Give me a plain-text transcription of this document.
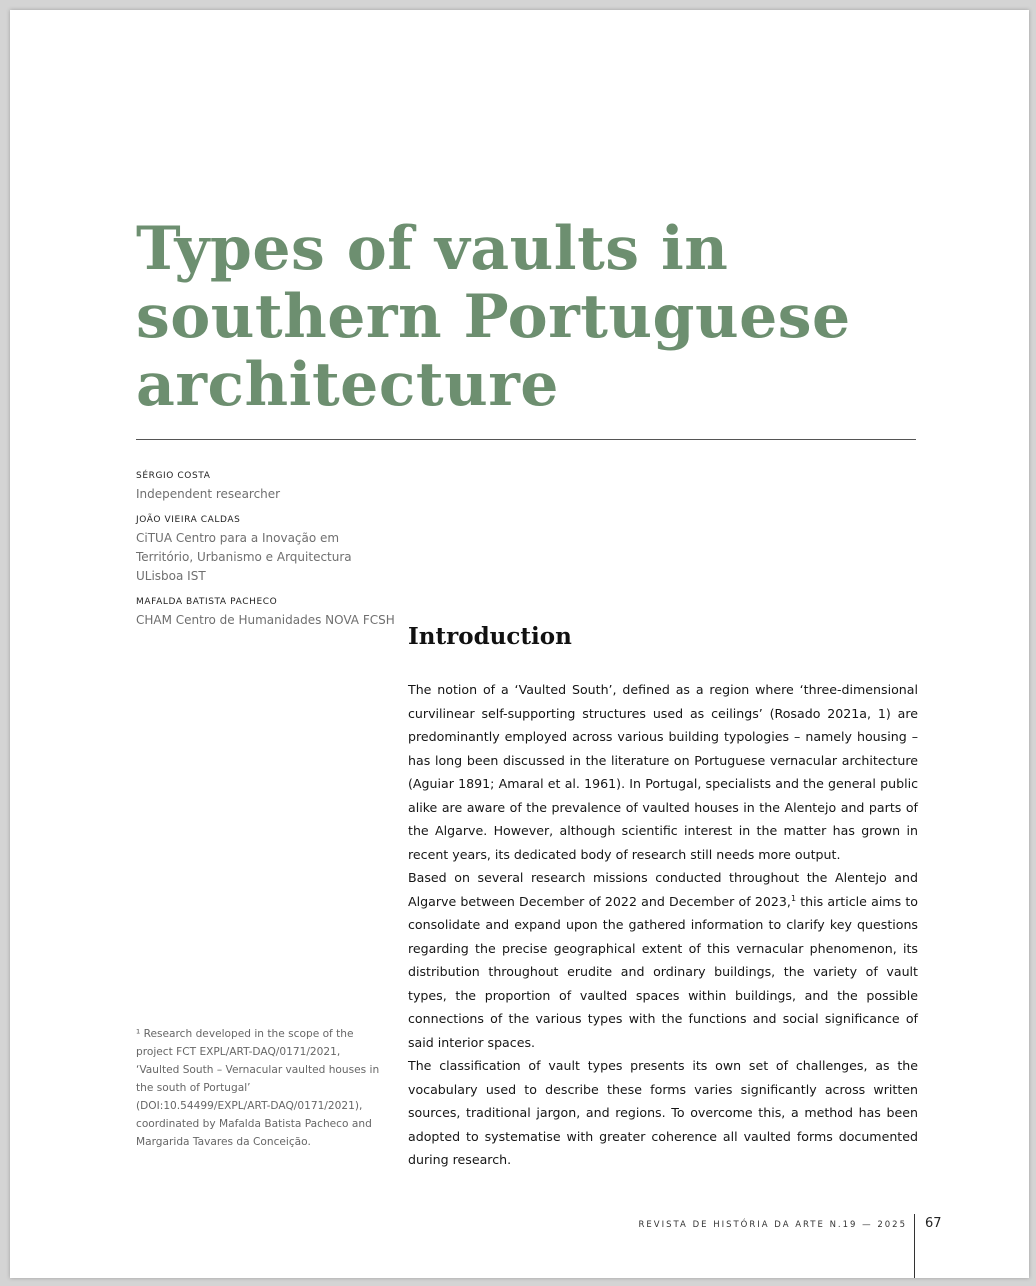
Types of vaults in southern Portuguese architecture
SÉRGIO COSTA
Independent researcher
JOÃO VIEIRA CALDAS
CiTUA Centro para a Inovação em Território, Urbanismo e Arquitectura ULisboa IST
MAFALDA BATISTA PACHECO
CHAM Centro de Humanidades NOVA FCSH
Introduction

The notion of a ‘Vaulted South’, defined as a region where ‘three-dimensional curvilinear self-supporting structures used as ceilings’ (Rosado 2021a, 1) are predominantly employed across various building typologies – namely housing – has long been discussed in the literature on Portuguese vernacular architecture (Aguiar 1891; Amaral et al. 1961). In Portugal, specialists and the general public alike are aware of the prevalence of vaulted houses in the Alentejo and parts of the Algarve. However, although scientific interest in the matter has grown in recent years, its dedicated body of research still needs more output.

Based on several research missions conducted throughout the Alentejo and Algarve between December of 2022 and December of 2023,$^1$ this article aims to consolidate and expand upon the gathered information to clarify key questions regarding the precise geographical extent of this vernacular phenomenon, its distribution throughout erudite and ordinary buildings, the variety of vault types, the proportion of vaulted spaces within buildings, and the possible connections of the various types with the functions and social significance of said interior spaces.

The classification of vault types presents its own set of challenges, as the vocabulary used to describe these forms varies significantly across written sources, traditional jargon, and regions. To overcome this, a method has been adopted to systematise with greater coherence all vaulted forms documented during research.

¹ Research developed in the scope of the project FCT EXPL/ART-DAQ/0171/2021, ‘Vaulted South – Vernacular vaulted houses in the south of Portugal’ (DOI:10.54499/EXPL/ART-DAQ/0171/2021), coordinated by Mafalda Batista Pacheco and Margarida Tavares da Conceição.

REVISTA DE HISTÓRIA DA ARTE N.19 — 2025 67
